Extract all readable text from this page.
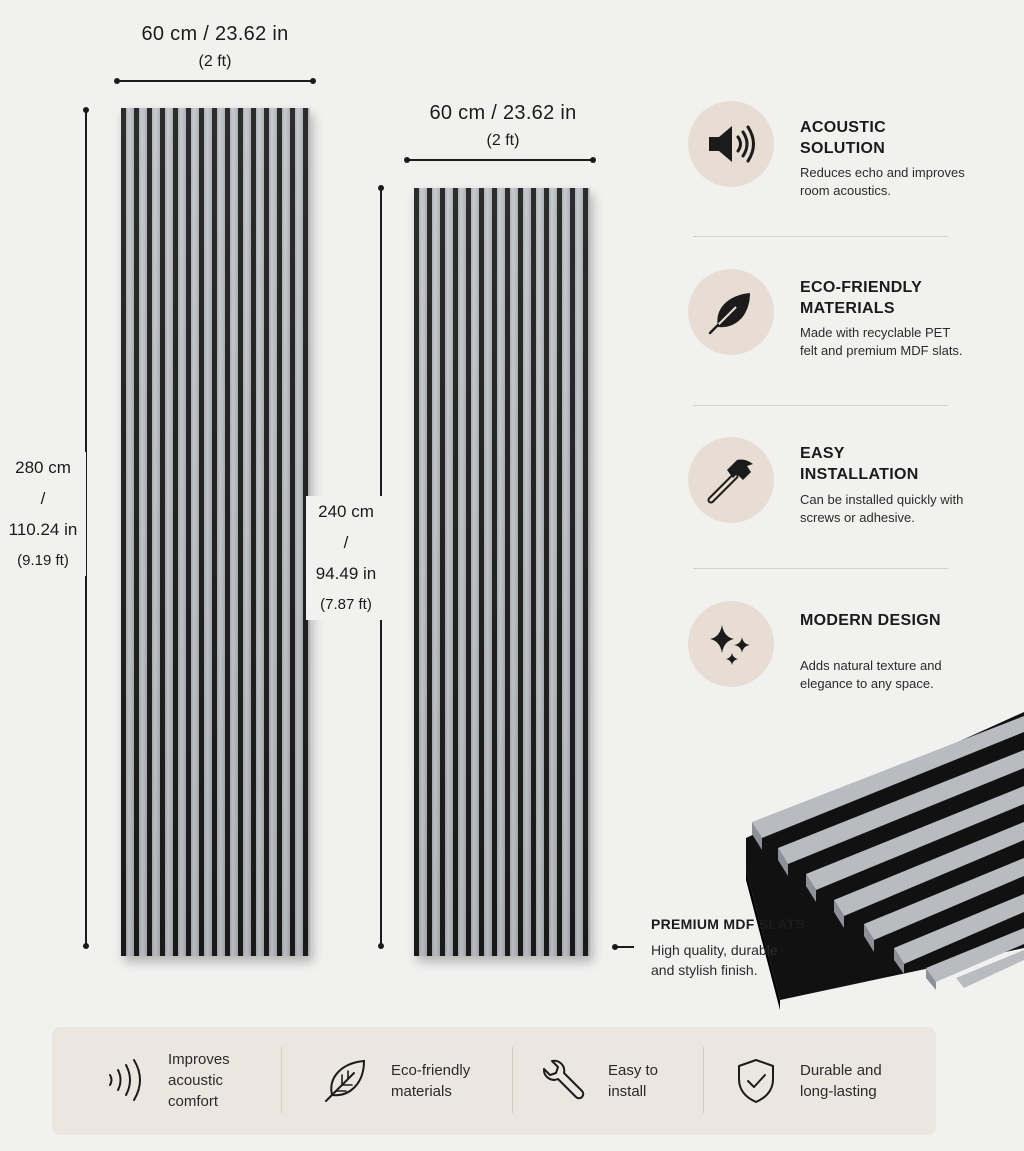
60 cm / 23.62 in
(2 ft)
280 cm
/
110.24 in
(9.19 ft)
60 cm / 23.62 in
(2 ft)
240 cm
/
94.49 in
(7.87 ft)
ACOUSTIC SOLUTION
Reduces echo and improves room acoustics.
ECO-FRIENDLY MATERIALS
Made with recyclable PET felt and premium MDF slats.
EASY INSTALLATION
Can be installed quickly with screws or adhesive.
MODERN DESIGN
Adds natural texture and elegance to any space.
PREMIUM MDF SLATS
High quality, durable and stylish finish.
Improves acoustic comfort
Eco-friendly materials
Easy to install
Durable and long-lasting
